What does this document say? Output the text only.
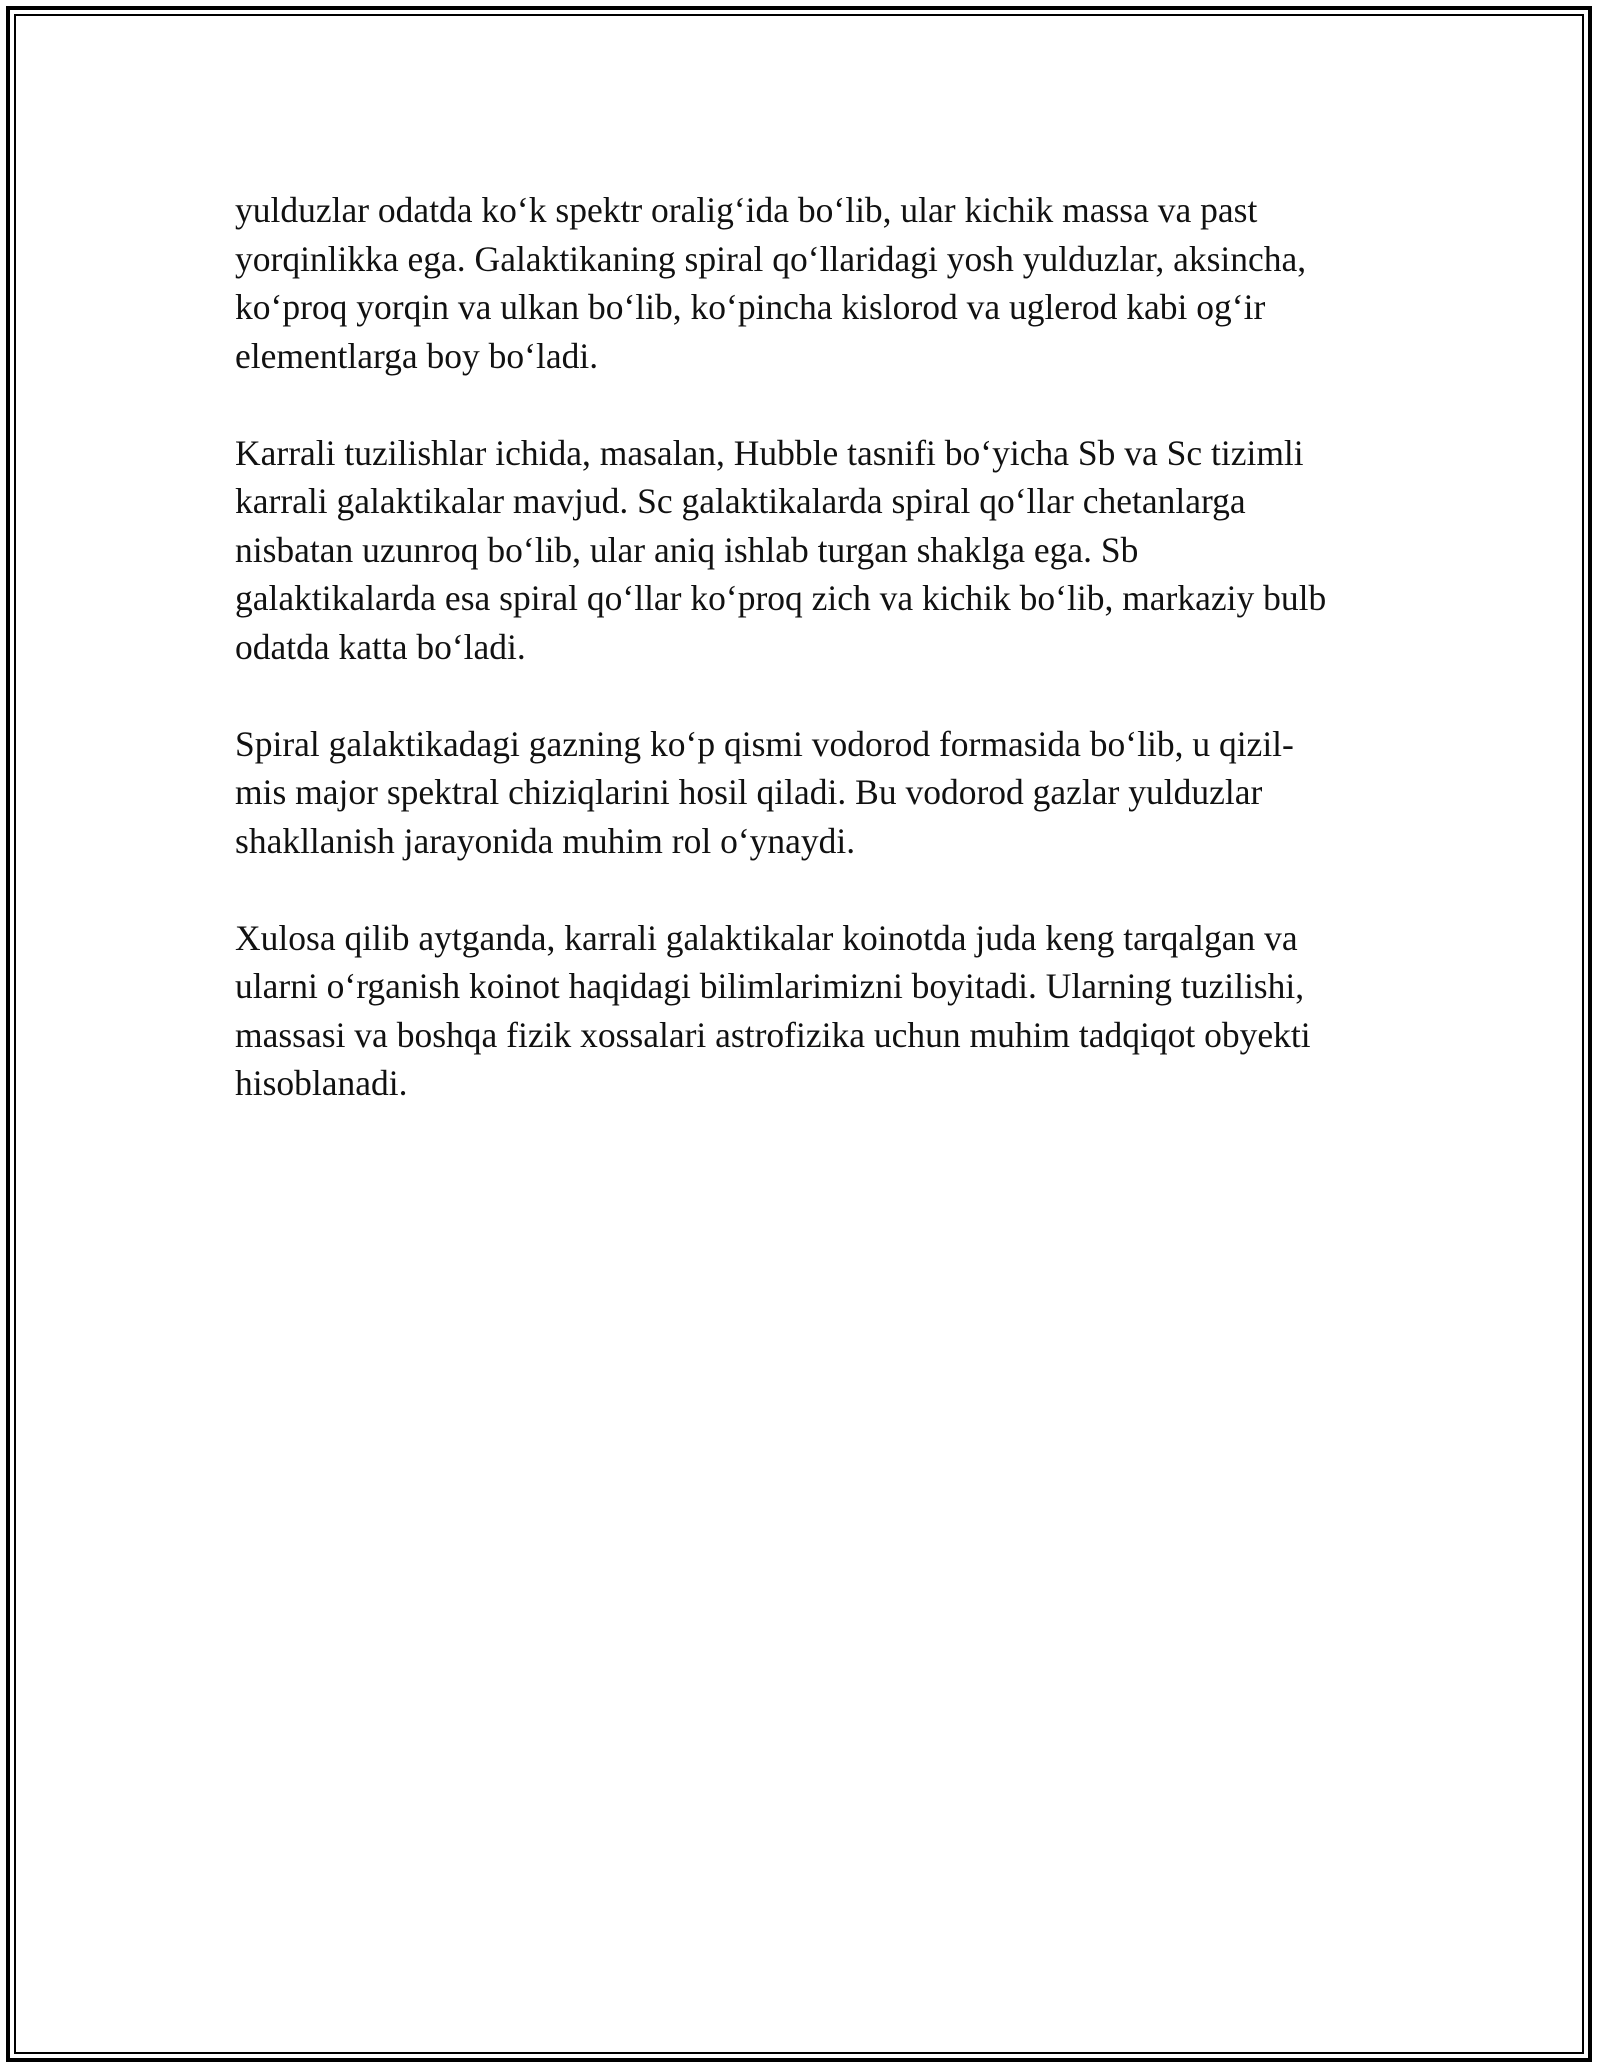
yulduzlar odatda ko‘k spektr oralig‘ida bo‘lib, ular kichik massa va past
yorqinlikka ega. Galaktikaning spiral qo‘llaridagi yosh yulduzlar, aksincha,
ko‘proq yorqin va ulkan bo‘lib, ko‘pincha kislorod va uglerod kabi og‘ir
elementlarga boy bo‘ladi.

Karrali tuzilishlar ichida, masalan, Hubble tasnifi bo‘yicha Sb va Sc tizimli
karrali galaktikalar mavjud. Sc galaktikalarda spiral qo‘llar chetanlarga
nisbatan uzunroq bo‘lib, ular aniq ishlab turgan shaklga ega. Sb
galaktikalarda esa spiral qo‘llar ko‘proq zich va kichik bo‘lib, markaziy bulb
odatda katta bo‘ladi.

Spiral galaktikadagi gazning ko‘p qismi vodorod formasida bo‘lib, u qizil-
mis major spektral chiziqlarini hosil qiladi. Bu vodorod gazlar yulduzlar
shakllanish jarayonida muhim rol o‘ynaydi.

Xulosa qilib aytganda, karrali galaktikalar koinotda juda keng tarqalgan va
ularni o‘rganish koinot haqidagi bilimlarimizni boyitadi. Ularning tuzilishi,
massasi va boshqa fizik xossalari astrofizika uchun muhim tadqiqot obyekti
hisoblanadi.
